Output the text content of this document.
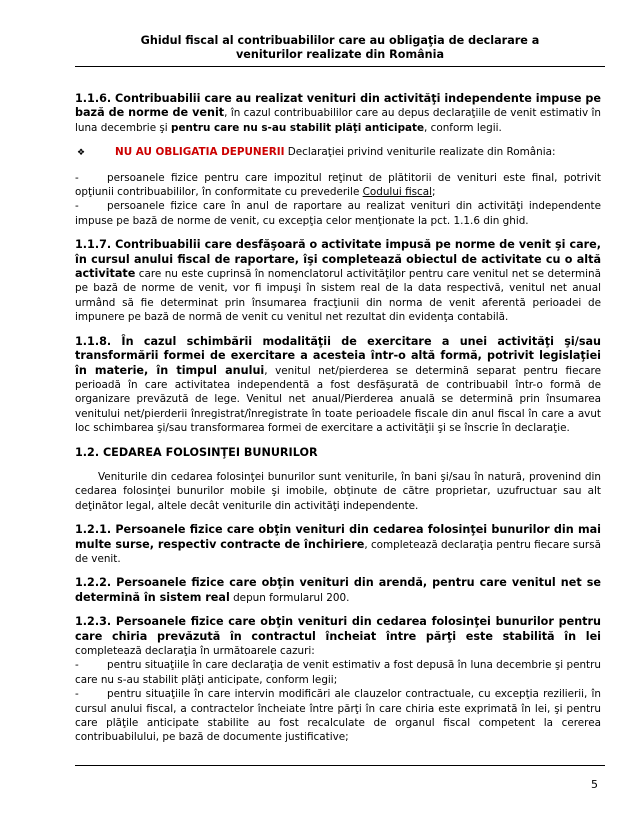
Ghidul fiscal al contribuabililor care au obligaţia de declarare a
veniturilor realizate din România

1.1.6. Contribuabilii care au realizat venituri din activităţi independente impuse pe bază de norme de venit, în cazul contribuabililor care au depus declaraţiile de venit estimativ în luna decembrie şi pentru care nu s-au stabilit plăţi anticipate, conform legii.

❖	NU AU OBLIGATIA DEPUNERII Declaraţiei privind veniturile realizate din România:

-	persoanele fizice pentru care impozitul reţinut de plătitorii de venituri este final, potrivit opţiunii contribuabililor, în conformitate cu prevederile Codului fiscal;

-	persoanele fizice care în anul de raportare au realizat venituri din activităţi independente impuse pe bază de norme de venit, cu excepţia celor menţionate la pct. 1.1.6 din ghid.

1.1.7. Contribuabilii care desfăşoară o activitate impusă pe norme de venit şi care, în cursul anului fiscal de raportare, îşi completează obiectul de activitate cu o altă activitate care nu este cuprinsă în nomenclatorul activităţilor pentru care venitul net se determină pe bază de norme de venit, vor fi impuşi în sistem real de la data respectivă, venitul net anual urmând să fie determinat prin însumarea fracţiunii din norma de venit aferentă perioadei de impunere pe bază de normă de venit cu venitul net rezultat din evidenţa contabilă.

1.1.8. În cazul schimbării modalităţii de exercitare a unei activităţi şi/sau transformării formei de exercitare a acesteia într-o altă formă, potrivit legislaţiei în materie, în timpul anului, venitul net/pierderea se determină separat pentru fiecare perioadă în care activitatea independentă a fost desfăşurată de contribuabil într-o formă de organizare prevăzută de lege. Venitul net anual/Pierderea anuală se determină prin însumarea venitului net/pierderii înregistrat/înregistrate în toate perioadele fiscale din anul fiscal în care a avut loc schimbarea şi/sau transformarea formei de exercitare a activităţii şi se înscrie în declaraţie.

1.2. CEDAREA FOLOSINŢEI BUNURILOR

Veniturile din cedarea folosinţei bunurilor sunt veniturile, în bani şi/sau în natură, provenind din cedarea folosinţei bunurilor mobile şi imobile, obţinute de către proprietar, uzufructuar sau alt deţinător legal, altele decât veniturile din activităţi independente.

1.2.1. Persoanele fizice care obţin venituri din cedarea folosinţei bunurilor din mai multe surse, respectiv contracte de închiriere, completează declaraţia pentru fiecare sursă de venit.

1.2.2. Persoanele fizice care obţin venituri din arendă, pentru care venitul net se determină în sistem real depun formularul 200.

1.2.3. Persoanele fizice care obţin venituri din cedarea folosinţei bunurilor pentru care chiria prevăzută în contractul încheiat între părţi este stabilită în lei completează declaraţia în următoarele cazuri:

-	pentru situaţiile în care declaraţia de venit estimativ a fost depusă în luna decembrie şi pentru care nu s-au stabilit plăţi anticipate, conform legii;

-	pentru situaţiile în care intervin modificări ale clauzelor contractuale, cu excepţia rezilierii, în cursul anului fiscal, a contractelor încheiate între părţi în care chiria este exprimată în lei, şi pentru care plăţile anticipate stabilite au fost recalculate de organul fiscal competent la cererea contribuabilului, pe bază de documente justificative;

5
